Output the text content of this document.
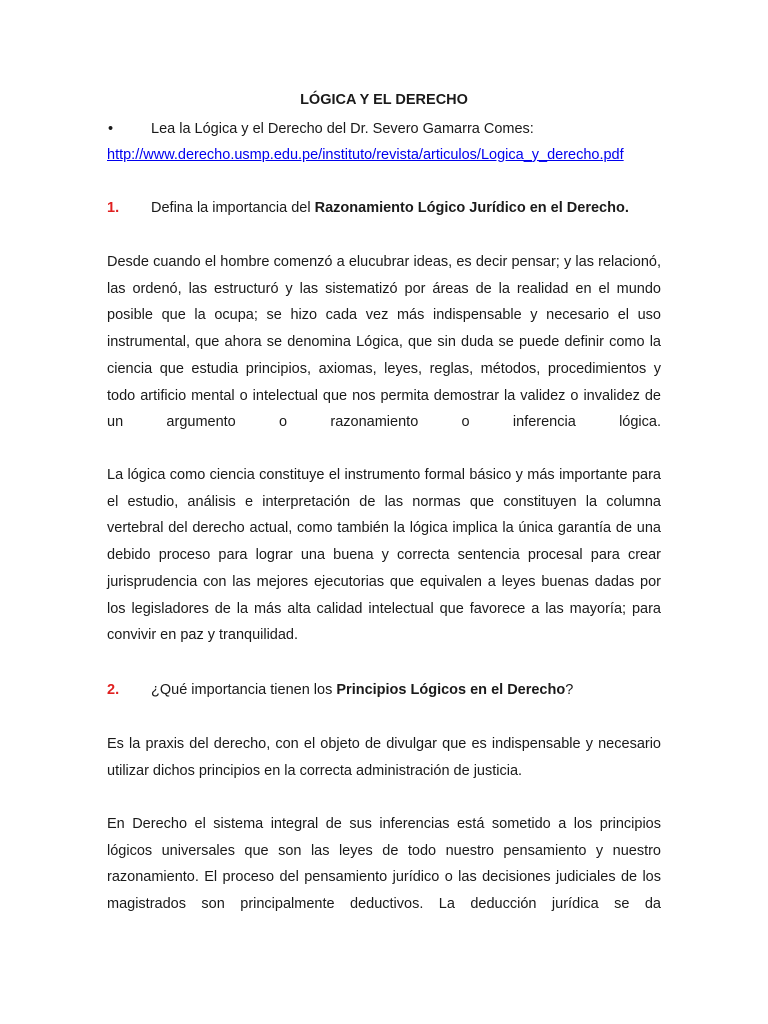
LÓGICA Y EL DERECHO
•	Lea la Lógica y el Derecho del Dr. Severo Gamarra Comes:
http://www.derecho.usmp.edu.pe/instituto/revista/articulos/Logica_y_derecho.pdf
1. Defina la importancia del Razonamiento Lógico Jurídico en el Derecho.
Desde cuando el hombre comenzó a elucubrar ideas, es decir pensar; y las relacionó, las ordenó, las estructuró y las sistematizó por áreas de la realidad en el mundo posible que la ocupa; se hizo cada vez más indispensable y necesario el uso instrumental, que ahora se denomina Lógica, que sin duda se puede definir como la ciencia que estudia principios, axiomas, leyes, reglas, métodos, procedimientos y todo artificio mental o intelectual que nos permita demostrar la validez o invalidez de un argumento o razonamiento o inferencia lógica.
La lógica como ciencia constituye el instrumento formal básico y más importante para el estudio, análisis e interpretación de las normas que constituyen la columna vertebral del derecho actual, como también la lógica implica la única garantía de una debido proceso para lograr una buena y correcta sentencia procesal para crear jurisprudencia con las mejores ejecutorias que equivalen a leyes buenas dadas por los legisladores de la más alta calidad intelectual que favorece a las mayoría; para convivir en paz y tranquilidad.
2. ¿Qué importancia tienen los Principios Lógicos en el Derecho?
Es la praxis del derecho, con el objeto de divulgar que es indispensable y necesario utilizar dichos principios en la correcta administración de justicia.
En Derecho el sistema integral de sus inferencias está sometido a los principios lógicos universales que son las leyes de todo nuestro pensamiento y nuestro razonamiento. El proceso del pensamiento jurídico o las decisiones judiciales de los magistrados son principalmente deductivos. La deducción jurídica se da
